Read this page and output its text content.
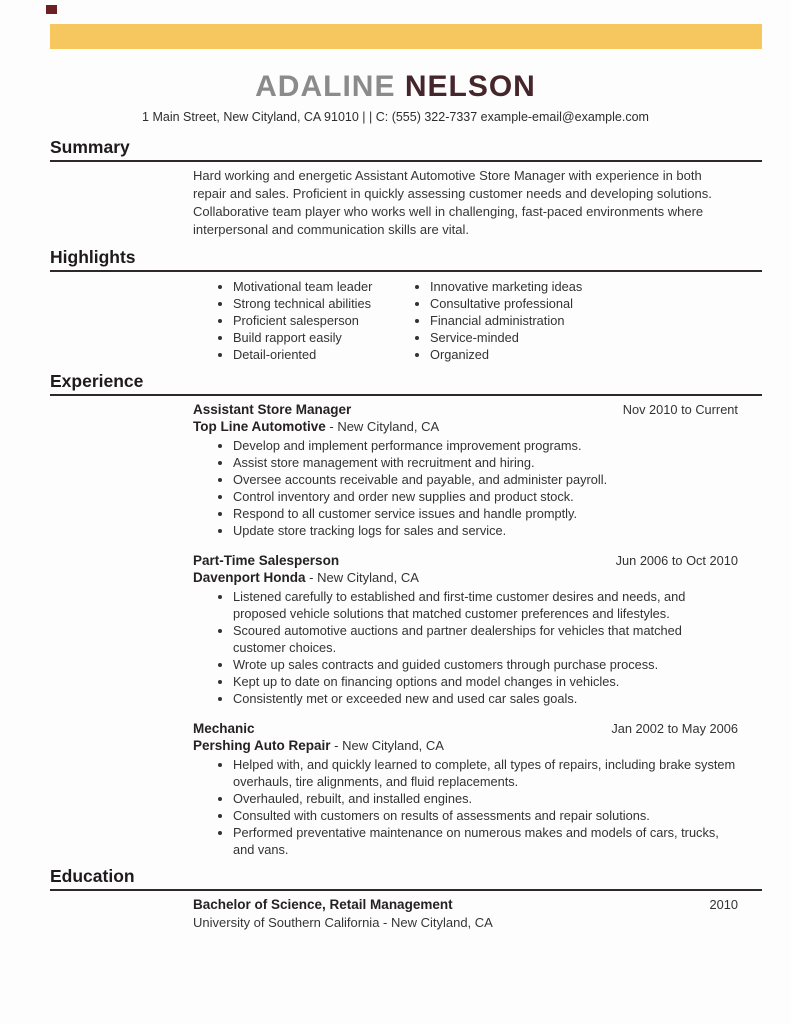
ADALINE NELSON
1 Main Street, New Cityland, CA 91010 | | C: (555) 322-7337 example-email@example.com
Summary

Hard working and energetic Assistant Automotive Store Manager with experience in both repair and sales. Proficient in quickly assessing customer needs and developing solutions. Collaborative team player who works well in challenging, fast-paced environments where interpersonal and communication skills are vital.

Highlights
• Motivational team leader
• Strong technical abilities
• Proficient salesperson
• Build rapport easily
• Detail-oriented
• Innovative marketing ideas
• Consultative professional
• Financial administration
• Service-minded
• Organized
Experience
Assistant Store Manager	Nov 2010 to Current
Top Line Automotive - New Cityland, CA
• Develop and implement performance improvement programs.
• Assist store management with recruitment and hiring.
• Oversee accounts receivable and payable, and administer payroll.
• Control inventory and order new supplies and product stock.
• Respond to all customer service issues and handle promptly.
• Update store tracking logs for sales and service.
Part-Time Salesperson	Jun 2006 to Oct 2010
Davenport Honda - New Cityland, CA
• Listened carefully to established and first-time customer desires and needs, and proposed vehicle solutions that matched customer preferences and lifestyles.
• Scoured automotive auctions and partner dealerships for vehicles that matched customer choices.
• Wrote up sales contracts and guided customers through purchase process.
• Kept up to date on financing options and model changes in vehicles.
• Consistently met or exceeded new and used car sales goals.
Mechanic	Jan 2002 to May 2006
Pershing Auto Repair - New Cityland, CA
• Helped with, and quickly learned to complete, all types of repairs, including brake system overhauls, tire alignments, and fluid replacements.
• Overhauled, rebuilt, and installed engines.
• Consulted with customers on results of assessments and repair solutions.
• Performed preventative maintenance on numerous makes and models of cars, trucks, and vans.
Education
Bachelor of Science, Retail Management	2010
University of Southern California - New Cityland, CA
